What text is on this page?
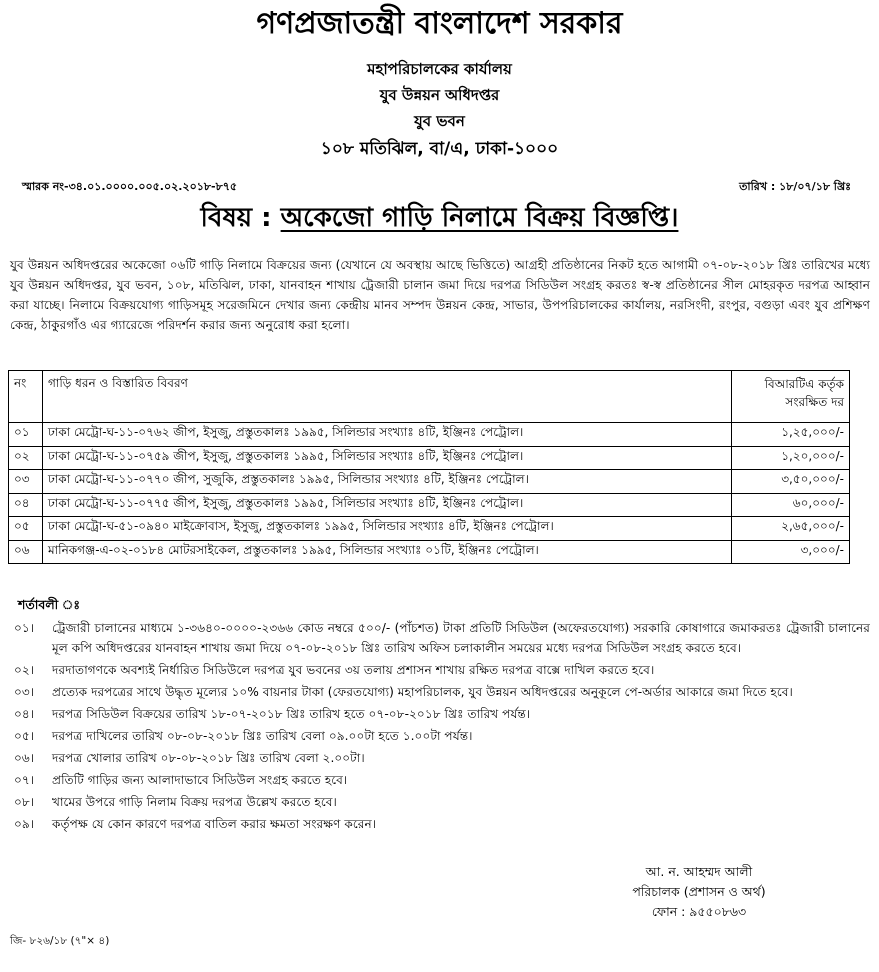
গণপ্রজাতন্ত্রী বাংলাদেশ সরকার
মহাপরিচালকের কার্যালয়
যুব উন্নয়ন অধিদপ্তর
যুব ভবন
১০৮ মতিঝিল, বা/এ, ঢাকা-১০০০
স্মারক নং-৩৪.০১.০০০০.০০৫.০২.২০১৮-৮৭৫	তারিখ : ১৮/০৭/১৮ খ্রিঃ
বিষয় : অকেজো গাড়ি নিলামে বিক্রয় বিজ্ঞপ্তি।

যুব উন্নয়ন অধিদপ্তরের অকেজো ০৬টি গাড়ি নিলামে বিক্রয়ের জন্য (যেখানে যে অবস্থায় আছে ভিত্তিতে) আগ্রহী প্রতিষ্ঠানের নিকট হতে আগামী ০৭-০৮-২০১৮ খ্রিঃ তারিখের মধ্যে যুব উন্নয়ন অধিদপ্তর, যুব ভবন, ১০৮, মতিঝিল, ঢাকা, যানবাহন শাখায় ট্রেজারী চালান জমা দিয়ে দরপত্র সিডিউল সংগ্রহ করতঃ স্ব-স্ব প্রতিষ্ঠানের সীল মোহরকৃত দরপত্র আহ্বান করা যাচ্ছে। নিলামে বিক্রয়যোগ্য গাড়িসমূহ সরেজমিনে দেখার জন্য কেন্দ্রীয় মানব সম্পদ উন্নয়ন কেন্দ্র, সাভার, উপপরিচালকের কার্যালয়, নরসিংদী, রংপুর, বগুড়া এবং যুব প্রশিক্ষণ কেন্দ্র, ঠাকুরগাঁও এর গ্যারেজে পরিদর্শন করার জন্য অনুরোধ করা হলো।

নং	গাড়ি ধরন ও বিস্তারিত বিবরণ	বিআরটিএ কর্তৃক
সংরক্ষিত দর

০১	ঢাকা মেট্রো-ঘ-১১-০৭৬২ জীপ, ইসুজু, প্রস্তুতকালঃ ১৯৯৫, সিলিন্ডার সংখ্যাঃ ৪টি, ইঞ্জিনঃ পেট্রোল।	১,২৫,০০০/-
০২	ঢাকা মেট্রো-ঘ-১১-০৭৫৯ জীপ, ইসুজু, প্রস্তুতকালঃ ১৯৯৫, সিলিন্ডার সংখ্যাঃ ৪টি, ইঞ্জিনঃ পেট্রোল।	১,২০,০০০/-
০৩	ঢাকা মেট্রো-ঘ-১১-০৭৭০ জীপ, সুজুকি, প্রস্তুতকালঃ ১৯৯৫, সিলিন্ডার সংখ্যাঃ ৪টি, ইঞ্জিনঃ পেট্রোল।	৩,৫০,০০০/-
০৪	ঢাকা মেট্রো-ঘ-১১-০৭৭৫ জীপ, ইসুজু, প্রস্তুতকালঃ ১৯৯৫, সিলিন্ডার সংখ্যাঃ ৪টি, ইঞ্জিনঃ পেট্রোল।	৬০,০০০/-
০৫	ঢাকা মেট্রো-ঘ-৫১-০৯৪০ মাইক্রোবাস, ইসুজু, প্রস্তুতকালঃ ১৯৯৫, সিলিন্ডার সংখ্যাঃ ৪টি, ইঞ্জিনঃ পেট্রোল।	২,৬৫,০০০/-
০৬	মানিকগঞ্জ-এ-০২-০১৮৪ মোটরসাইকেল, প্রস্তুতকালঃ ১৯৯৫, সিলিন্ডার সংখ্যাঃ ০১টি, ইঞ্জিনঃ পেট্রোল।	৩,০০০/-
শর্তাবলী ঃ
০১।	ট্রেজারী চালানের মাধ্যমে ১-৩৬৪০-০০০০-২৩৬৬ কোড নম্বরে ৫০০/- (পাঁচশত) টাকা প্রতিটি সিডিউল (অফেরতযোগ্য) সরকারি কোষাগারে জমাকরতঃ ট্রেজারী চালানের মূল কপি অধিদপ্তরের যানবাহন শাখায় জমা দিয়ে ০৭-০৮-২০১৮ খ্রিঃ তারিখ অফিস চলাকালীন সময়ের মধ্যে দরপত্র সিডিউল সংগ্রহ করতে হবে।
০২।	দরদাতাগণকে অবশ্যই নির্ধারিত সিডিউলে দরপত্র যুব ভবনের ৩য় তলায় প্রশাসন শাখায় রক্ষিত দরপত্র বাক্সে দাখিল করতে হবে।
০৩।	প্রত্যেক দরপত্রের সাথে উদ্ধৃত মূল্যের ১০% বায়নার টাকা (ফেরতযোগ্য) মহাপরিচালক, যুব উন্নয়ন অধিদপ্তরের অনুকূলে পে-অর্ডার আকারে জমা দিতে হবে।
০৪।	দরপত্র সিডিউল বিক্রয়ের তারিখ ১৮-০৭-২০১৮ খ্রিঃ তারিখ হতে ০৭-০৮-২০১৮ খ্রিঃ তারিখ পর্যন্ত।
০৫।	দরপত্র দাখিলের তারিখ ০৮-০৮-২০১৮ খ্রিঃ তারিখ বেলা ০৯.০০টা হতে ১.০০টা পর্যন্ত।
০৬।	দরপত্র খোলার তারিখ ০৮-০৮-২০১৮ খ্রিঃ তারিখ বেলা ২.০০টা।
০৭।	প্রতিটি গাড়ির জন্য আলাদাভাবে সিডিউল সংগ্রহ করতে হবে।
০৮।	খামের উপরে গাড়ি নিলাম বিক্রয় দরপত্র উল্লেখ করতে হবে।
০৯।	কর্তৃপক্ষ যে কোন কারণে দরপত্র বাতিল করার ক্ষমতা সংরক্ষণ করেন।
আ. ন. আহম্মদ আলী
পরিচালক (প্রশাসন ও অর্থ)
ফোন : ৯৫৫০৮৬৩
জি- ৮২৬/১৮ (৭"× ৪)
